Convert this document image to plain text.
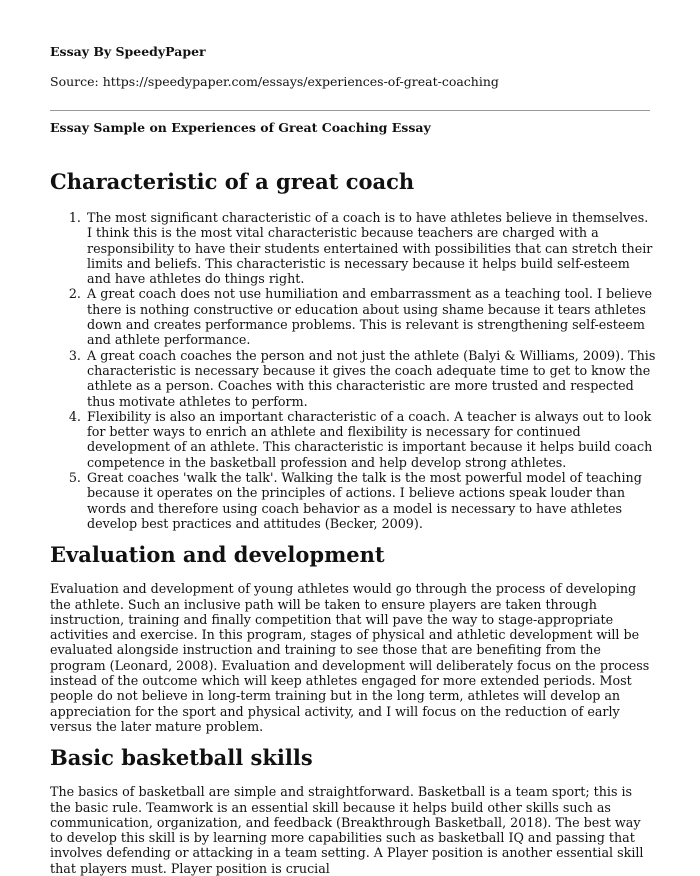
Essay By SpeedyPaper
Source: https://speedypaper.com/essays/experiences-of-great-coaching
Essay Sample on Experiences of Great Coaching Essay
Characteristic of a great coach
1. The most significant characteristic of a coach is to have athletes believe in themselves. I think this is the most vital characteristic because teachers are charged with a responsibility to have their students entertained with possibilities that can stretch their limits and beliefs. This characteristic is necessary because it helps build self-esteem and have athletes do things right.
2. A great coach does not use humiliation and embarrassment as a teaching tool. I believe there is nothing constructive or education about using shame because it tears athletes down and creates performance problems. This is relevant is strengthening self-esteem and athlete performance.
3. A great coach coaches the person and not just the athlete (Balyi & Williams, 2009). This characteristic is necessary because it gives the coach adequate time to get to know the athlete as a person. Coaches with this characteristic are more trusted and respected thus motivate athletes to perform.
4. Flexibility is also an important characteristic of a coach. A teacher is always out to look for better ways to enrich an athlete and flexibility is necessary for continued development of an athlete. This characteristic is important because it helps build coach competence in the basketball profession and help develop strong athletes.
5. Great coaches 'walk the talk'. Walking the talk is the most powerful model of teaching because it operates on the principles of actions. I believe actions speak louder than words and therefore using coach behavior as a model is necessary to have athletes develop best practices and attitudes (Becker, 2009).
Evaluation and development

Evaluation and development of young athletes would go through the process of developing the athlete. Such an inclusive path will be taken to ensure players are taken through instruction, training and finally competition that will pave the way to stage-appropriate activities and exercise. In this program, stages of physical and athletic development will be evaluated alongside instruction and training to see those that are benefiting from the program (Leonard, 2008). Evaluation and development will deliberately focus on the process instead of the outcome which will keep athletes engaged for more extended periods. Most people do not believe in long-term training but in the long term, athletes will develop an appreciation for the sport and physical activity, and I will focus on the reduction of early versus the later mature problem.

Basic basketball skills

The basics of basketball are simple and straightforward. Basketball is a team sport; this is the basic rule. Teamwork is an essential skill because it helps build other skills such as communication, organization, and feedback (Breakthrough Basketball, 2018). The best way to develop this skill is by learning more capabilities such as basketball IQ and passing that involves defending or attacking in a team setting. A Player position is another essential skill that players must. Player position is crucial
